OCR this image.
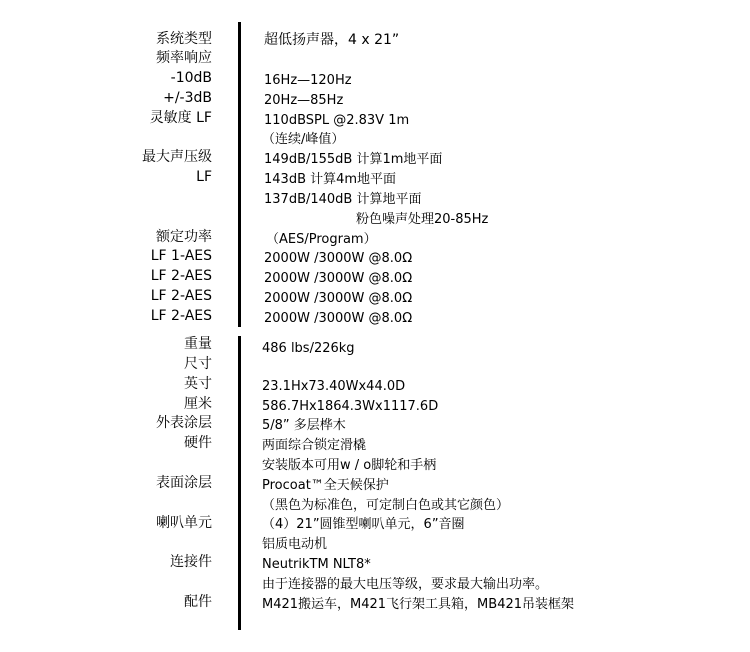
系统类型
频率响应
-10dB
+/-3dB
灵敏度 LF
最大声压级
LF
额定功率
LF 1-AES
LF 2-AES
LF 2-AES
LF 2-AES
重量
尺寸
英寸
厘米
外表涂层
硬件
表面涂层
喇叭单元
连接件
配件
超低扬声器，4 x 21”
16Hz—120Hz
20Hz—85Hz
110dBSPL @2.83V 1m
（连续/峰值）
149dB/155dB 计算1m地平面
143dB 计算4m地平面
137dB/140dB 计算地平面
粉色噪声处理20-85Hz
（AES/Program）
2000W /3000W @8.0Ω
2000W /3000W @8.0Ω
2000W /3000W @8.0Ω
2000W /3000W @8.0Ω
486 lbs/226kg
23.1Hx73.40Wx44.0D
586.7Hx1864.3Wx1117.6D
5/8” 多层桦木
两面综合锁定滑橇
安装版本可用w / o脚轮和手柄
Procoat™全天候保护
（黑色为标准色，可定制白色或其它颜色）
（4）21”圆锥型喇叭单元，6”音圈
铝质电动机
NeutrikTM NLT8*
由于连接器的最大电压等级，要求最大输出功率。
M421搬运车，M421飞行架工具箱，MB421吊装框架
